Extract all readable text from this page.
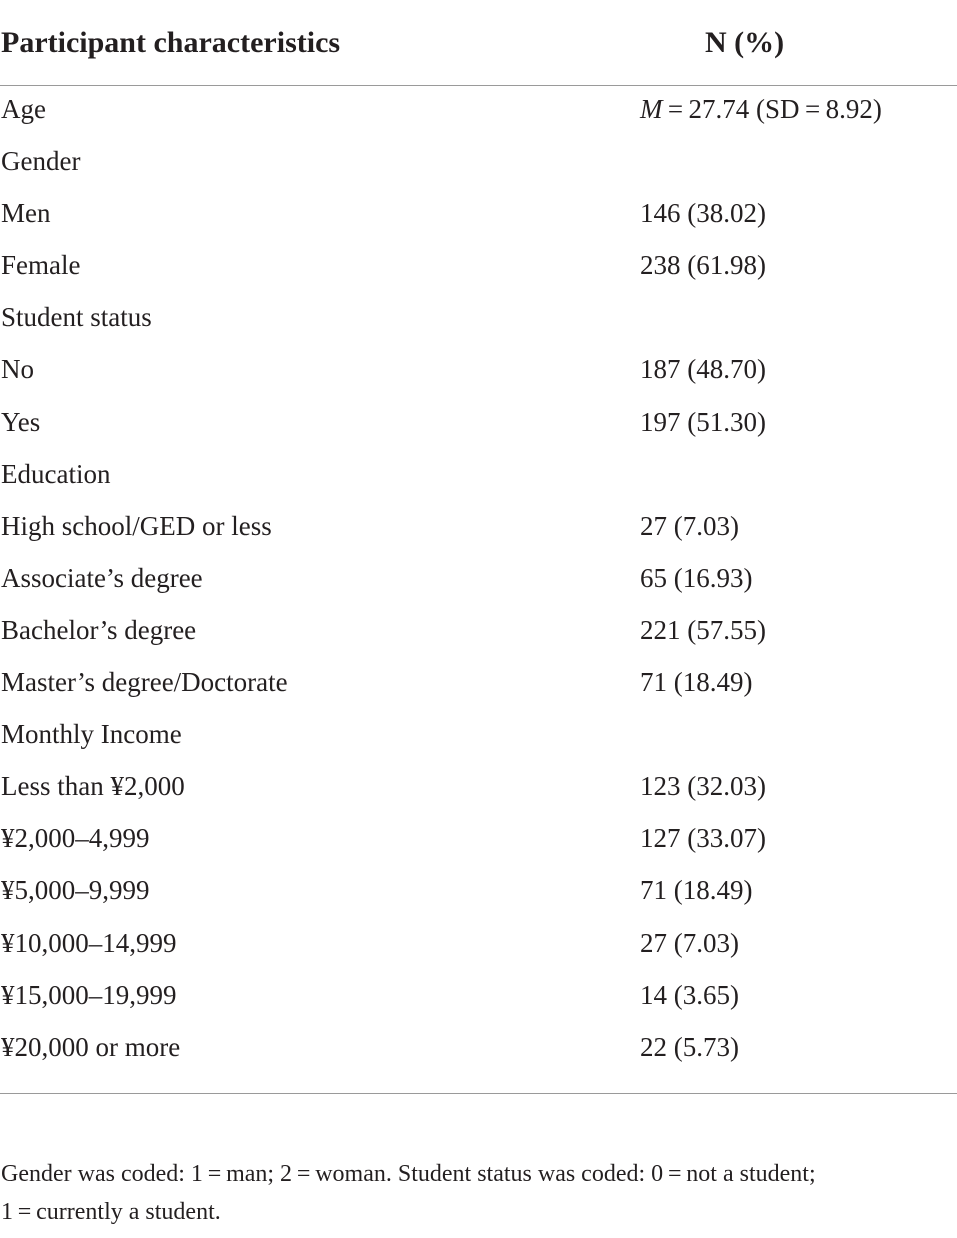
Participant characteristics	N (%)
Age	M = 27.74 (SD = 8.92)
Gender
Men	146 (38.02)
Female	238 (61.98)
Student status
No	187 (48.70)
Yes	197 (51.30)
Education
High school/GED or less	27 (7.03)
Associate’s degree	65 (16.93)
Bachelor’s degree	221 (57.55)
Master’s degree/Doctorate	71 (18.49)
Monthly Income
Less than ¥2,000	123 (32.03)
¥2,000–4,999	127 (33.07)
¥5,000–9,999	71 (18.49)
¥10,000–14,999	27 (7.03)
¥15,000–19,999	14 (3.65)
¥20,000 or more	22 (5.73)
Gender was coded: 1 = man; 2 = woman. Student status was coded: 0 = not a student;
1 = currently a student.
